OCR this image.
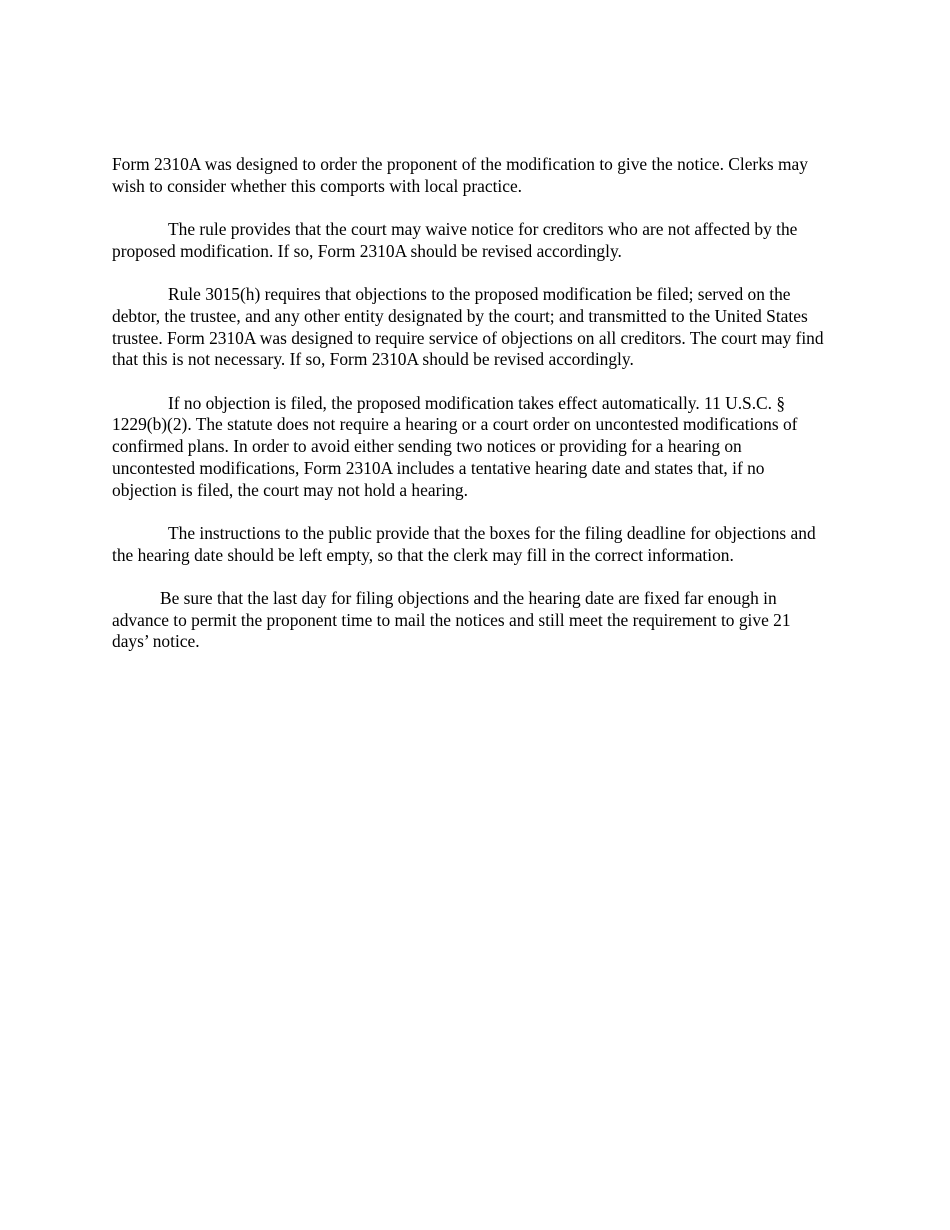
Form 2310A was designed to order the proponent of the modification to give the notice. Clerks may wish to consider whether this comports with local practice.

The rule provides that the court may waive notice for creditors who are not affected by the proposed modification. If so, Form 2310A should be revised accordingly.

Rule 3015(h) requires that objections to the proposed modification be filed; served on the debtor, the trustee, and any other entity designated by the court; and transmitted to the United States trustee. Form 2310A was designed to require service of objections on all creditors. The court may find that this is not necessary. If so, Form 2310A should be revised accordingly.

If no objection is filed, the proposed modification takes effect automatically. 11 U.S.C. § 1229(b)(2). The statute does not require a hearing or a court order on uncontested modifications of confirmed plans. In order to avoid either sending two notices or providing for a hearing on uncontested modifications, Form 2310A includes a tentative hearing date and states that, if no objection is filed, the court may not hold a hearing.

The instructions to the public provide that the boxes for the filing deadline for objections and the hearing date should be left empty, so that the clerk may fill in the correct information.

Be sure that the last day for filing objections and the hearing date are fixed far enough in advance to permit the proponent time to mail the notices and still meet the requirement to give 21 days’ notice.
